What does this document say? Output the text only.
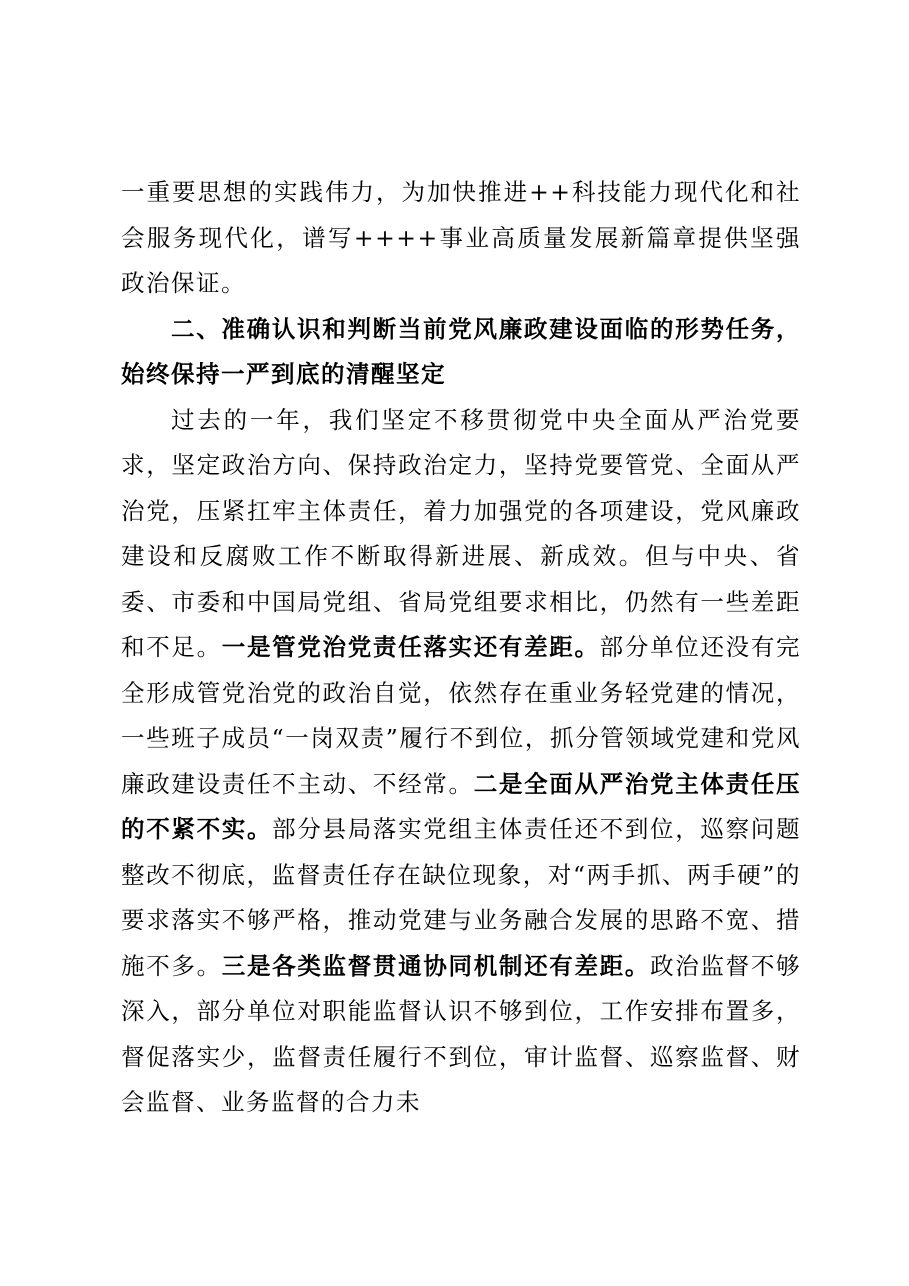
一重要思想的实践伟力，为加快推进++科技能力现代化和社会服务现代化，谱写++++事业高质量发展新篇章提供坚强政治保证。

二、准确认识和判断当前党风廉政建设面临的形势任务，始终保持一严到底的清醒坚定

过去的一年，我们坚定不移贯彻党中央全面从严治党要求，坚定政治方向、保持政治定力，坚持党要管党、全面从严治党，压紧扛牢主体责任，着力加强党的各项建设，党风廉政建设和反腐败工作不断取得新进展、新成效。但与中央、省委、市委和中国局党组、省局党组要求相比，仍然有一些差距和不足。一是管党治党责任落实还有差距。部分单位还没有完全形成管党治党的政治自觉，依然存在重业务轻党建的情况，一些班子成员“一岗双责”履行不到位，抓分管领域党建和党风廉政建设责任不主动、不经常。二是全面从严治党主体责任压的不紧不实。部分县局落实党组主体责任还不到位，巡察问题整改不彻底，监督责任存在缺位现象，对“两手抓、两手硬”的要求落实不够严格，推动党建与业务融合发展的思路不宽、措施不多。三是各类监督贯通协同机制还有差距。政治监督不够深入，部分单位对职能监督认识不够到位，工作安排布置多，督促落实少，监督责任履行不到位，审计监督、巡察监督、财会监督、业务监督的合力未
